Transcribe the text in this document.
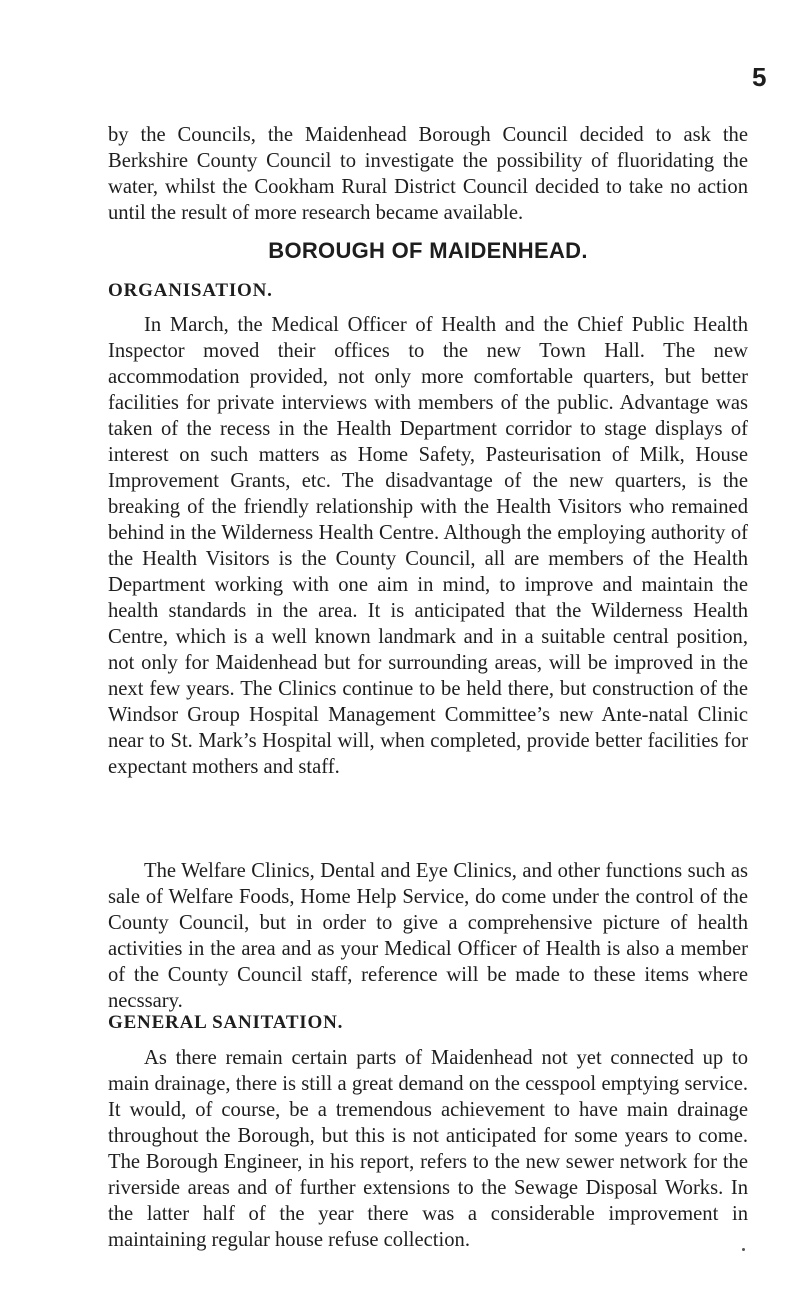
5

by the Councils, the Maidenhead Borough Council decided to ask the Berkshire County Council to investigate the possibility of fluoridating the water, whilst the Cookham Rural District Council decided to take no action until the result of more research became available.

BOROUGH OF MAIDENHEAD.
ORGANISATION.

In March, the Medical Officer of Health and the Chief Public Health Inspector moved their offices to the new Town Hall. The new accommodation provided, not only more comfortable quarters, but better facilities for private interviews with members of the public. Advantage was taken of the recess in the Health Department corridor to stage displays of interest on such matters as Home Safety, Pasteurisation of Milk, House Improvement Grants, etc. The disadvantage of the new quarters, is the breaking of the friendly relationship with the Health Visitors who remained behind in the Wilderness Health Centre. Although the employing authority of the Health Visitors is the County Council, all are members of the Health Department working with one aim in mind, to improve and maintain the health standards in the area. It is anticipated that the Wilderness Health Centre, which is a well known landmark and in a suitable central position, not only for Maidenhead but for surrounding areas, will be improved in the next few years. The Clinics continue to be held there, but construction of the Windsor Group Hospital Management Committee’s new Ante-natal Clinic near to St. Mark’s Hospital will, when completed, provide better facilities for expectant mothers and staff.

The Welfare Clinics, Dental and Eye Clinics, and other functions such as sale of Welfare Foods, Home Help Service, do come under the control of the County Council, but in order to give a comprehensive picture of health activities in the area and as your Medical Officer of Health is also a member of the County Council staff, reference will be made to these items where necssary.

GENERAL SANITATION.

As there remain certain parts of Maidenhead not yet connected up to main drainage, there is still a great demand on the cesspool emptying service. It would, of course, be a tremendous achievement to have main drainage throughout the Borough, but this is not anticipated for some years to come. The Borough Engineer, in his report, refers to the new sewer network for the riverside areas and of further extensions to the Sewage Disposal Works. In the latter half of the year there was a considerable improvement in maintaining regular house refuse collection.
